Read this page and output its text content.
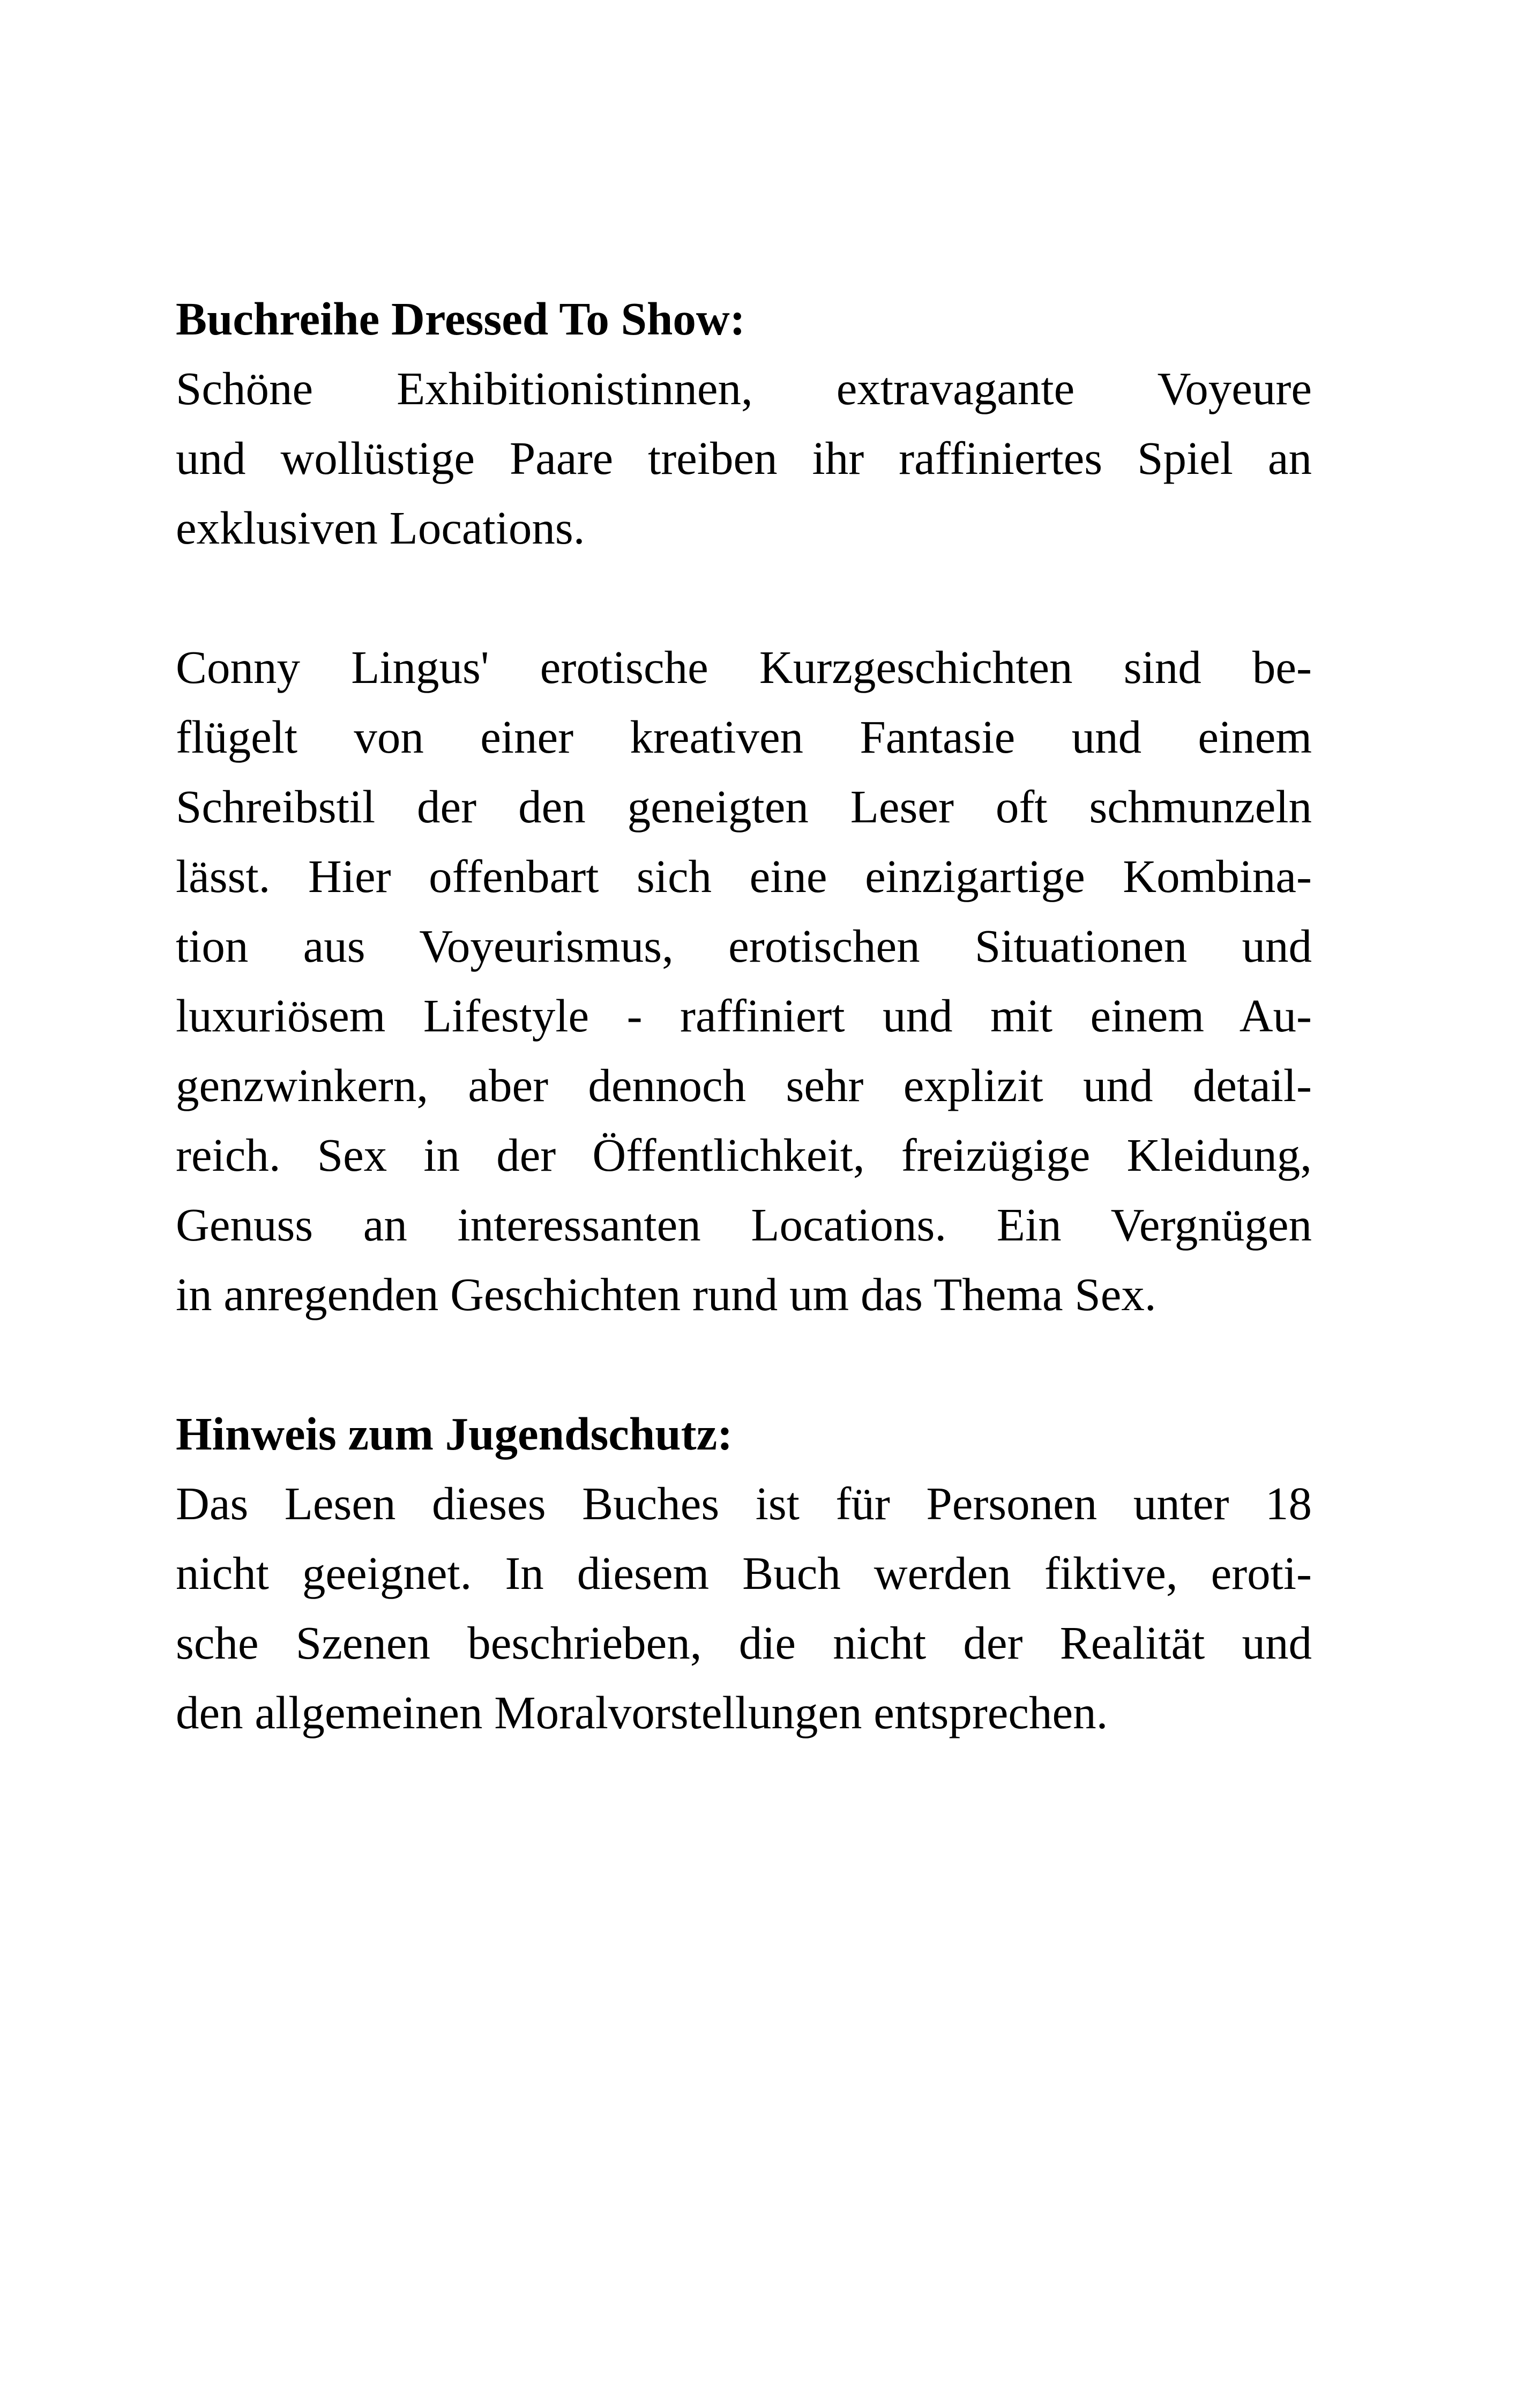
Buchreihe Dressed To Show:
Schöne Exhibitionistinnen, extravagante Voyeure
und wollüstige Paare treiben ihr raffiniertes Spiel an
exklusiven Locations.
Conny Lingus' erotische Kurzgeschichten sind be-
flügelt von einer kreativen Fantasie und einem
Schreibstil der den geneigten Leser oft schmunzeln
lässt. Hier offenbart sich eine einzigartige Kombina-
tion aus Voyeurismus, erotischen Situationen und
luxuriösem Lifestyle - raffiniert und mit einem Au-
genzwinkern, aber dennoch sehr explizit und detail-
reich. Sex in der Öffentlichkeit, freizügige Kleidung,
Genuss an interessanten Locations. Ein Vergnügen
in anregenden Geschichten rund um das Thema Sex.
Hinweis zum Jugendschutz:
Das Lesen dieses Buches ist für Personen unter 18
nicht geeignet. In diesem Buch werden fiktive, eroti-
sche Szenen beschrieben, die nicht der Realität und
den allgemeinen Moralvorstellungen entsprechen.
